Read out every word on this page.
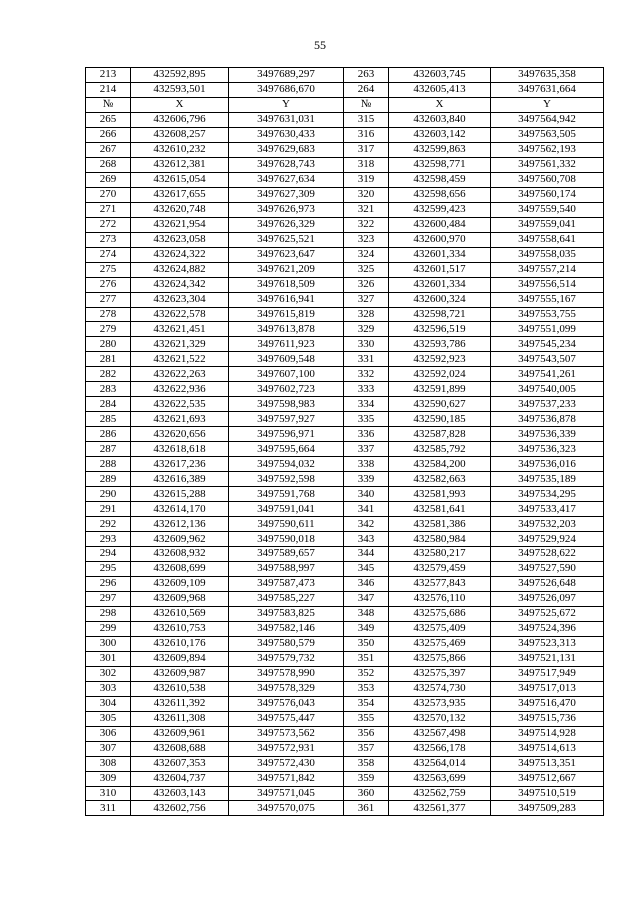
55
213	432592,895	3497689,297	263	432603,745	3497635,358
214	432593,501	3497686,670	264	432605,413	3497631,664
№	X	Y	№	X	Y
265	432606,796	3497631,031	315	432603,840	3497564,942
266	432608,257	3497630,433	316	432603,142	3497563,505
267	432610,232	3497629,683	317	432599,863	3497562,193
268	432612,381	3497628,743	318	432598,771	3497561,332
269	432615,054	3497627,634	319	432598,459	3497560,708
270	432617,655	3497627,309	320	432598,656	3497560,174
271	432620,748	3497626,973	321	432599,423	3497559,540
272	432621,954	3497626,329	322	432600,484	3497559,041
273	432623,058	3497625,521	323	432600,970	3497558,641
274	432624,322	3497623,647	324	432601,334	3497558,035
275	432624,882	3497621,209	325	432601,517	3497557,214
276	432624,342	3497618,509	326	432601,334	3497556,514
277	432623,304	3497616,941	327	432600,324	3497555,167
278	432622,578	3497615,819	328	432598,721	3497553,755
279	432621,451	3497613,878	329	432596,519	3497551,099
280	432621,329	3497611,923	330	432593,786	3497545,234
281	432621,522	3497609,548	331	432592,923	3497543,507
282	432622,263	3497607,100	332	432592,024	3497541,261
283	432622,936	3497602,723	333	432591,899	3497540,005
284	432622,535	3497598,983	334	432590,627	3497537,233
285	432621,693	3497597,927	335	432590,185	3497536,878
286	432620,656	3497596,971	336	432587,828	3497536,339
287	432618,618	3497595,664	337	432585,792	3497536,323
288	432617,236	3497594,032	338	432584,200	3497536,016
289	432616,389	3497592,598	339	432582,663	3497535,189
290	432615,288	3497591,768	340	432581,993	3497534,295
291	432614,170	3497591,041	341	432581,641	3497533,417
292	432612,136	3497590,611	342	432581,386	3497532,203
293	432609,962	3497590,018	343	432580,984	3497529,924
294	432608,932	3497589,657	344	432580,217	3497528,622
295	432608,699	3497588,997	345	432579,459	3497527,590
296	432609,109	3497587,473	346	432577,843	3497526,648
297	432609,968	3497585,227	347	432576,110	3497526,097
298	432610,569	3497583,825	348	432575,686	3497525,672
299	432610,753	3497582,146	349	432575,409	3497524,396
300	432610,176	3497580,579	350	432575,469	3497523,313
301	432609,894	3497579,732	351	432575,866	3497521,131
302	432609,987	3497578,990	352	432575,397	3497517,949
303	432610,538	3497578,329	353	432574,730	3497517,013
304	432611,392	3497576,043	354	432573,935	3497516,470
305	432611,308	3497575,447	355	432570,132	3497515,736
306	432609,961	3497573,562	356	432567,498	3497514,928
307	432608,688	3497572,931	357	432566,178	3497514,613
308	432607,353	3497572,430	358	432564,014	3497513,351
309	432604,737	3497571,842	359	432563,699	3497512,667
310	432603,143	3497571,045	360	432562,759	3497510,519
311	432602,756	3497570,075	361	432561,377	3497509,283
